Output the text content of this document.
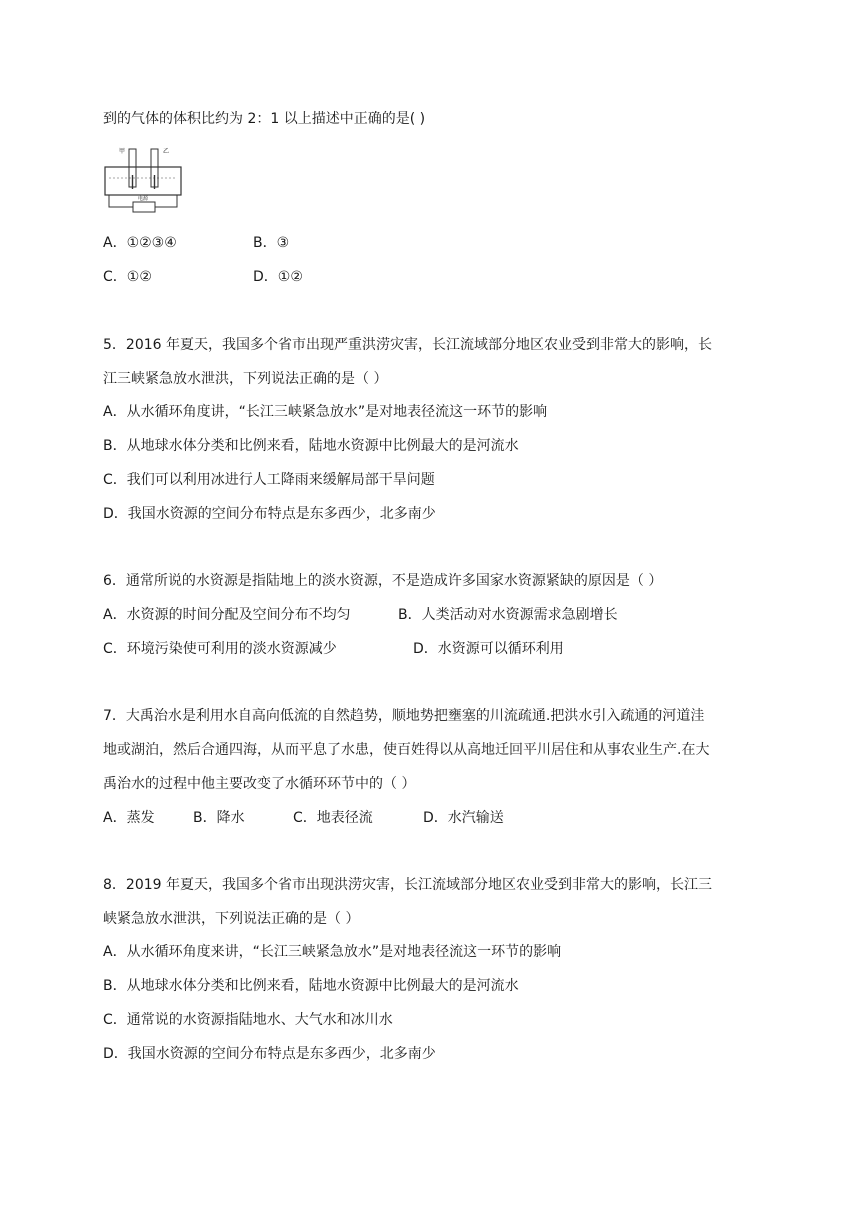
到的气体的体积比约为 2：1 以上描述中正确的是( )
甲	乙
电源
A．①②③④	B．③
C．①②	D．①②
5．2016 年夏天，我国多个省市出现严重洪涝灾害，长江流域部分地区农业受到非常大的影响，长
江三峡紧急放水泄洪，下列说法正确的是（ ）
A．从水循环角度讲，“长江三峡紧急放水”是对地表径流这一环节的影响
B．从地球水体分类和比例来看，陆地水资源中比例最大的是河流水
C．我们可以利用冰进行人工降雨来缓解局部干旱问题
D．我国水资源的空间分布特点是东多西少，北多南少
6．通常所说的水资源是指陆地上的淡水资源，不是造成许多国家水资源紧缺的原因是（ ）
A．水资源的时间分配及空间分布不均匀	B．人类活动对水资源需求急剧增长
C．环境污染使可利用的淡水资源减少	D．水资源可以循环利用
7．大禹治水是利用水自高向低流的自然趋势，顺地势把壅塞的川流疏通.把洪水引入疏通的河道洼
地或湖泊，然后合通四海，从而平息了水患，使百姓得以从高地迁回平川居住和从事农业生产.在大
禹治水的过程中他主要改变了水循环环节中的（ ）
A．蒸发	B．降水	C．地表径流	D．水汽输送
8．2019 年夏天，我国多个省市出现洪涝灾害，长江流域部分地区农业受到非常大的影响，长江三
峡紧急放水泄洪，下列说法正确的是（ ）
A．从水循环角度来讲，“长江三峡紧急放水”是对地表径流这一环节的影响
B．从地球水体分类和比例来看，陆地水资源中比例最大的是河流水
C．通常说的水资源指陆地水、大气水和冰川水
D．我国水资源的空间分布特点是东多西少，北多南少
